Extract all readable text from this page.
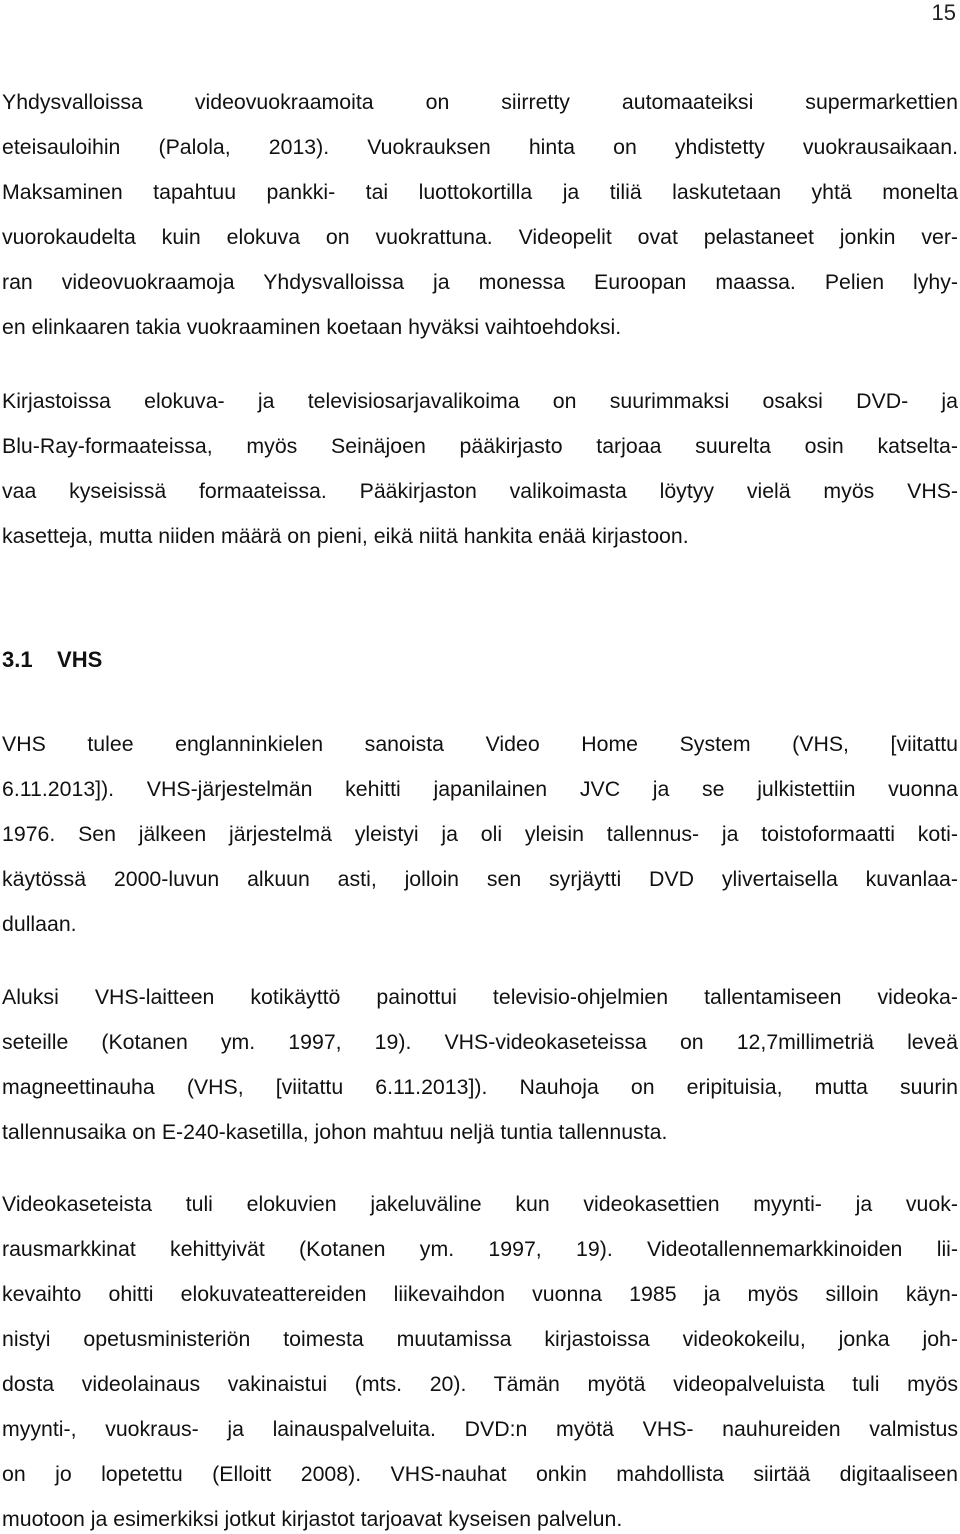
15
Yhdysvalloissa videovuokraamoita on siirretty automaateiksi supermarkettien
eteisauloihin (Palola, 2013). Vuokrauksen hinta on yhdistetty vuokrausaikaan.
Maksaminen tapahtuu pankki- tai luottokortilla ja tiliä laskutetaan yhtä monelta
vuorokaudelta kuin elokuva on vuokrattuna. Videopelit ovat pelastaneet jonkin ver-
ran videovuokraamoja Yhdysvalloissa ja monessa Euroopan maassa. Pelien lyhy-
en elinkaaren takia vuokraaminen koetaan hyväksi vaihtoehdoksi.
Kirjastoissa elokuva- ja televisiosarjavalikoima on suurimmaksi osaksi DVD- ja
Blu-Ray-formaateissa, myös Seinäjoen pääkirjasto tarjoaa suurelta osin katselta-
vaa kyseisissä formaateissa. Pääkirjaston valikoimasta löytyy vielä myös VHS-
kasetteja, mutta niiden määrä on pieni, eikä niitä hankita enää kirjastoon.
3.1    VHS
VHS tulee englanninkielen sanoista Video Home System (VHS, [viitattu
6.11.2013]). VHS-järjestelmän kehitti japanilainen JVC ja se julkistettiin vuonna
1976. Sen jälkeen järjestelmä yleistyi ja oli yleisin tallennus- ja toistoformaatti koti-
käytössä 2000-luvun alkuun asti, jolloin sen syrjäytti DVD ylivertaisella kuvanlaa-
dullaan.
Aluksi VHS-laitteen kotikäyttö painottui televisio-ohjelmien tallentamiseen videoka-
seteille (Kotanen ym. 1997, 19). VHS-videokaseteissa on 12,7millimetriä leveä
magneettinauha (VHS, [viitattu 6.11.2013]). Nauhoja on eripituisia, mutta suurin
tallennusaika on E-240-kasetilla, johon mahtuu neljä tuntia tallennusta.
Videokaseteista tuli elokuvien jakeluväline kun videokasettien myynti- ja vuok-
rausmarkkinat kehittyivät (Kotanen ym. 1997, 19). Videotallennemarkkinoiden lii-
kevaihto ohitti elokuvateattereiden liikevaihdon vuonna 1985 ja myös silloin käyn-
nistyi opetusministeriön toimesta muutamissa kirjastoissa videokokeilu, jonka joh-
dosta videolainaus vakinaistui (mts. 20). Tämän myötä videopalveluista tuli myös
myynti-, vuokraus- ja lainauspalveluita. DVD:n myötä VHS- nauhureiden valmistus
on jo lopetettu (Elloitt 2008). VHS-nauhat onkin mahdollista siirtää digitaaliseen
muotoon ja esimerkiksi jotkut kirjastot tarjoavat kyseisen palvelun.
